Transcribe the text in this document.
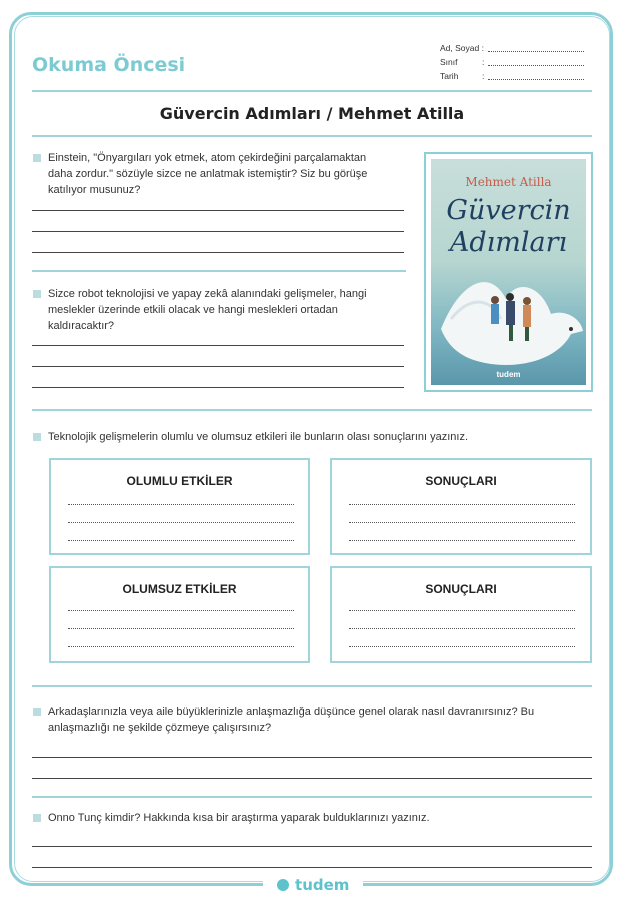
Okuma Öncesi
Ad, Soyad :
Sınıf	:
Tarih	:
Güvercin Adımları / Mehmet Atilla
Einstein, "Önyargıları yok etmek, atom çekirdeğini parçalamaktan daha zordur." sözüyle sizce ne anlatmak istemiştir? Siz bu görüşe katılıyor musunuz?
Sizce robot teknolojisi ve yapay zekâ alanındaki gelişmeler, hangi meslekler üzerinde etkili olacak ve hangi meslekleri ortadan kaldıracaktır?
Mehmet Atilla
Güvercin
Adımları
tudem
Teknolojik gelişmelerin olumlu ve olumsuz etkileri ile bunların olası sonuçlarını yazınız.
OLUMLU ETKİLER	SONUÇLARI
OLUMSUZ ETKİLER	SONUÇLARI
Arkadaşlarınızla veya aile büyüklerinizle anlaşmazlığa düşünce genel olarak nasıl davranırsınız? Bu anlaşmazlığı ne şekilde çözmeye çalışırsınız?
Onno Tunç kimdir? Hakkında kısa bir araştırma yaparak bulduklarınızı yazınız.
tudem
